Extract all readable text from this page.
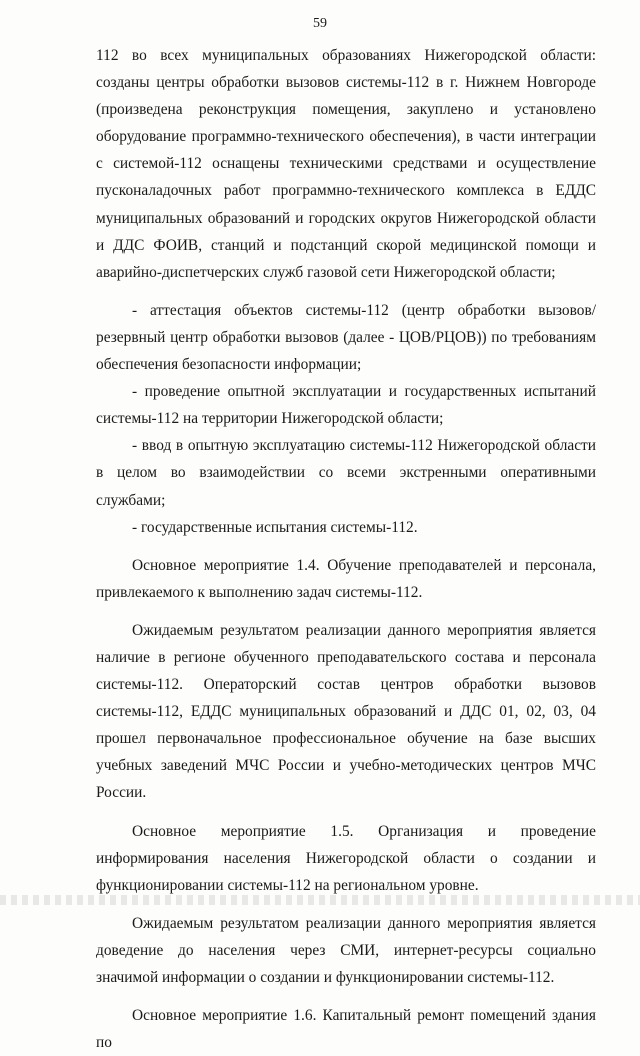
59

112 во всех муниципальных образованиях Нижегородской области: созданы центры обработки вызовов системы-112 в г. Нижнем Новгороде (произведена реконструкция помещения, закуплено и установлено оборудование программно-технического обеспечения), в части интеграции с системой-112 оснащены техническими средствами и осуществление пусконаладочных работ программно-технического комплекса в ЕДДС муниципальных образований и городских округов Нижегородской области и ДДС ФОИВ, станций и подстанций скорой медицинской помощи и аварийно-диспетчерских служб газовой сети Нижегородской области;

- аттестация объектов системы-112 (центр обработки вызовов/резервный центр обработки вызовов (далее - ЦОВ/РЦОВ)) по требованиям обеспечения безопасности информации;

- проведение опытной эксплуатации и государственных испытаний системы-112 на территории Нижегородской области;

- ввод в опытную эксплуатацию системы-112 Нижегородской области в целом во взаимодействии со всеми экстренными оперативными службами;

- государственные испытания системы-112.

Основное мероприятие 1.4. Обучение преподавателей и персонала, привлекаемого к выполнению задач системы-112.

Ожидаемым результатом реализации данного мероприятия является наличие в регионе обученного преподавательского состава и персонала системы-112. Операторский состав центров обработки вызовов системы-112, ЕДДС муниципальных образований и ДДС 01, 02, 03, 04 прошел первоначальное профессиональное обучение на базе высших учебных заведений МЧС России и учебно-методических центров МЧС России.

Основное мероприятие 1.5. Организация и проведение информирования населения Нижегородской области о создании и функционировании системы-112 на региональном уровне.

Ожидаемым результатом реализации данного мероприятия является доведение до населения через СМИ, интернет-ресурсы социально значимой информации о создании и функционировании системы-112.

Основное мероприятие 1.6. Капитальный ремонт помещений здания по
